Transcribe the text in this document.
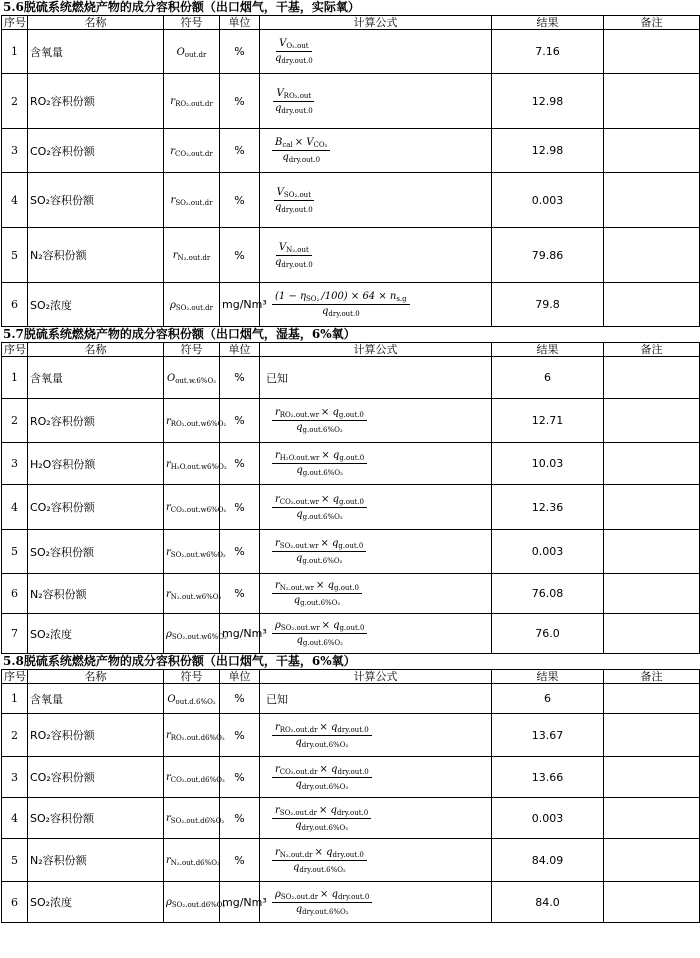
5.6脱硫系统燃烧产物的成分容积份额（出口烟气，干基，实际氧）
序号	名称	符号	单位	计算公式	结果	备注
1	含氧量	$O_{out.dr}$	%	$\frac{V_{O_2.out}}{q_{dry.out.0}}$	7.16	
2	RO₂容积份额	$r_{RO_2.out.dr}$	%	$\frac{V_{RO_2.out}}{q_{dry.out.0}}$	12.98	
3	CO₂容积份额	$r_{CO_2.out.dr}$	%	$\frac{B_{cal} \times V_{CO_2}}{q_{dry.out.0}}$	12.98	
4	SO₂容积份额	$r_{SO_2.out.dr}$	%	$\frac{V_{SO_2.out}}{q_{dry.out.0}}$	0.003	
5	N₂容积份额	$r_{N_2.out.dr}$	%	$\frac{V_{N_2.out}}{q_{dry.out.0}}$	79.86	
6	SO₂浓度	$\rho_{SO_2.out.dr}$	mg/Nm³	$\frac{(1 - \eta_{SO_2} /100) \times 64 \times n_{s.g}}{q_{dry.out.0}}$	79.8	
5.7脱硫系统燃烧产物的成分容积份额（出口烟气，湿基，6%氧）
序号	名称	符号	单位	计算公式	结果	备注
1	含氧量	$O_{out.w.6\%O_2}$	%	已知	6	
2	RO₂容积份额	$r_{RO_2.out.w6\%O_2}$	%	$\frac{r_{RO_2.out.wr} \times q_{g.out.0}}{q_{g.out.6\%O_2}}$	12.71	
3	H₂O容积份额	$r_{H_2O.out.w6\%O_2}$	%	$\frac{r_{H_2O.out.wr} \times q_{g.out.0}}{q_{g.out.6\%O_2}}$	10.03	
4	CO₂容积份额	$r_{CO_2.out.w6\%O_2}$	%	$\frac{r_{CO_2.out.wr} \times q_{g.out.0}}{q_{g.out.6\%O_2}}$	12.36	
5	SO₂容积份额	$r_{SO_2.out.w6\%O_2}$	%	$\frac{r_{SO_2.out.wr} \times q_{g.out.0}}{q_{g.out.6\%O_2}}$	0.003	
6	N₂容积份额	$r_{N_2.out.w6\%O_2}$	%	$\frac{r_{N_2.out.wr} \times q_{g.out.0}}{q_{g.out.6\%O_2}}$	76.08	
7	SO₂浓度	$\rho_{SO_2.out.w6\%O_2}$	mg/Nm³	$\frac{\rho_{SO_2.out.wr} \times q_{g.out.0}}{q_{g.out.6\%O_2}}$	76.0	
5.8脱硫系统燃烧产物的成分容积份额（出口烟气，干基，6%氧）
序号	名称	符号	单位	计算公式	结果	备注
1	含氧量	$O_{out.d.6\%O_2}$	%	已知	6	
2	RO₂容积份额	$r_{RO_2.out.d6\%O_2}$	%	$\frac{r_{RO_2.out.dr} \times q_{dry.out.0}}{q_{dry.out.6\%O_2}}$	13.67	
3	CO₂容积份额	$r_{CO_2.out.d6\%O_2}$	%	$\frac{r_{CO_2.out.dr} \times q_{dry.out.0}}{q_{dry.out.6\%O_2}}$	13.66	
4	SO₂容积份额	$r_{SO_2.out.d6\%O_2}$	%	$\frac{r_{SO_2.out.dr} \times q_{dry.out.0}}{q_{dry.out.6\%O_2}}$	0.003	
5	N₂容积份额	$r_{N_2.out.d6\%O_2}$	%	$\frac{r_{N_2.out.dr} \times q_{dry.out.0}}{q_{dry.out.6\%O_2}}$	84.09	
6	SO₂浓度	$\rho_{SO_2.out.d6\%O_2}$	mg/Nm³	$\frac{\rho_{SO_2.out.dr} \times q_{dry.out.0}}{q_{dry.out.6\%O_2}}$	84.0	
